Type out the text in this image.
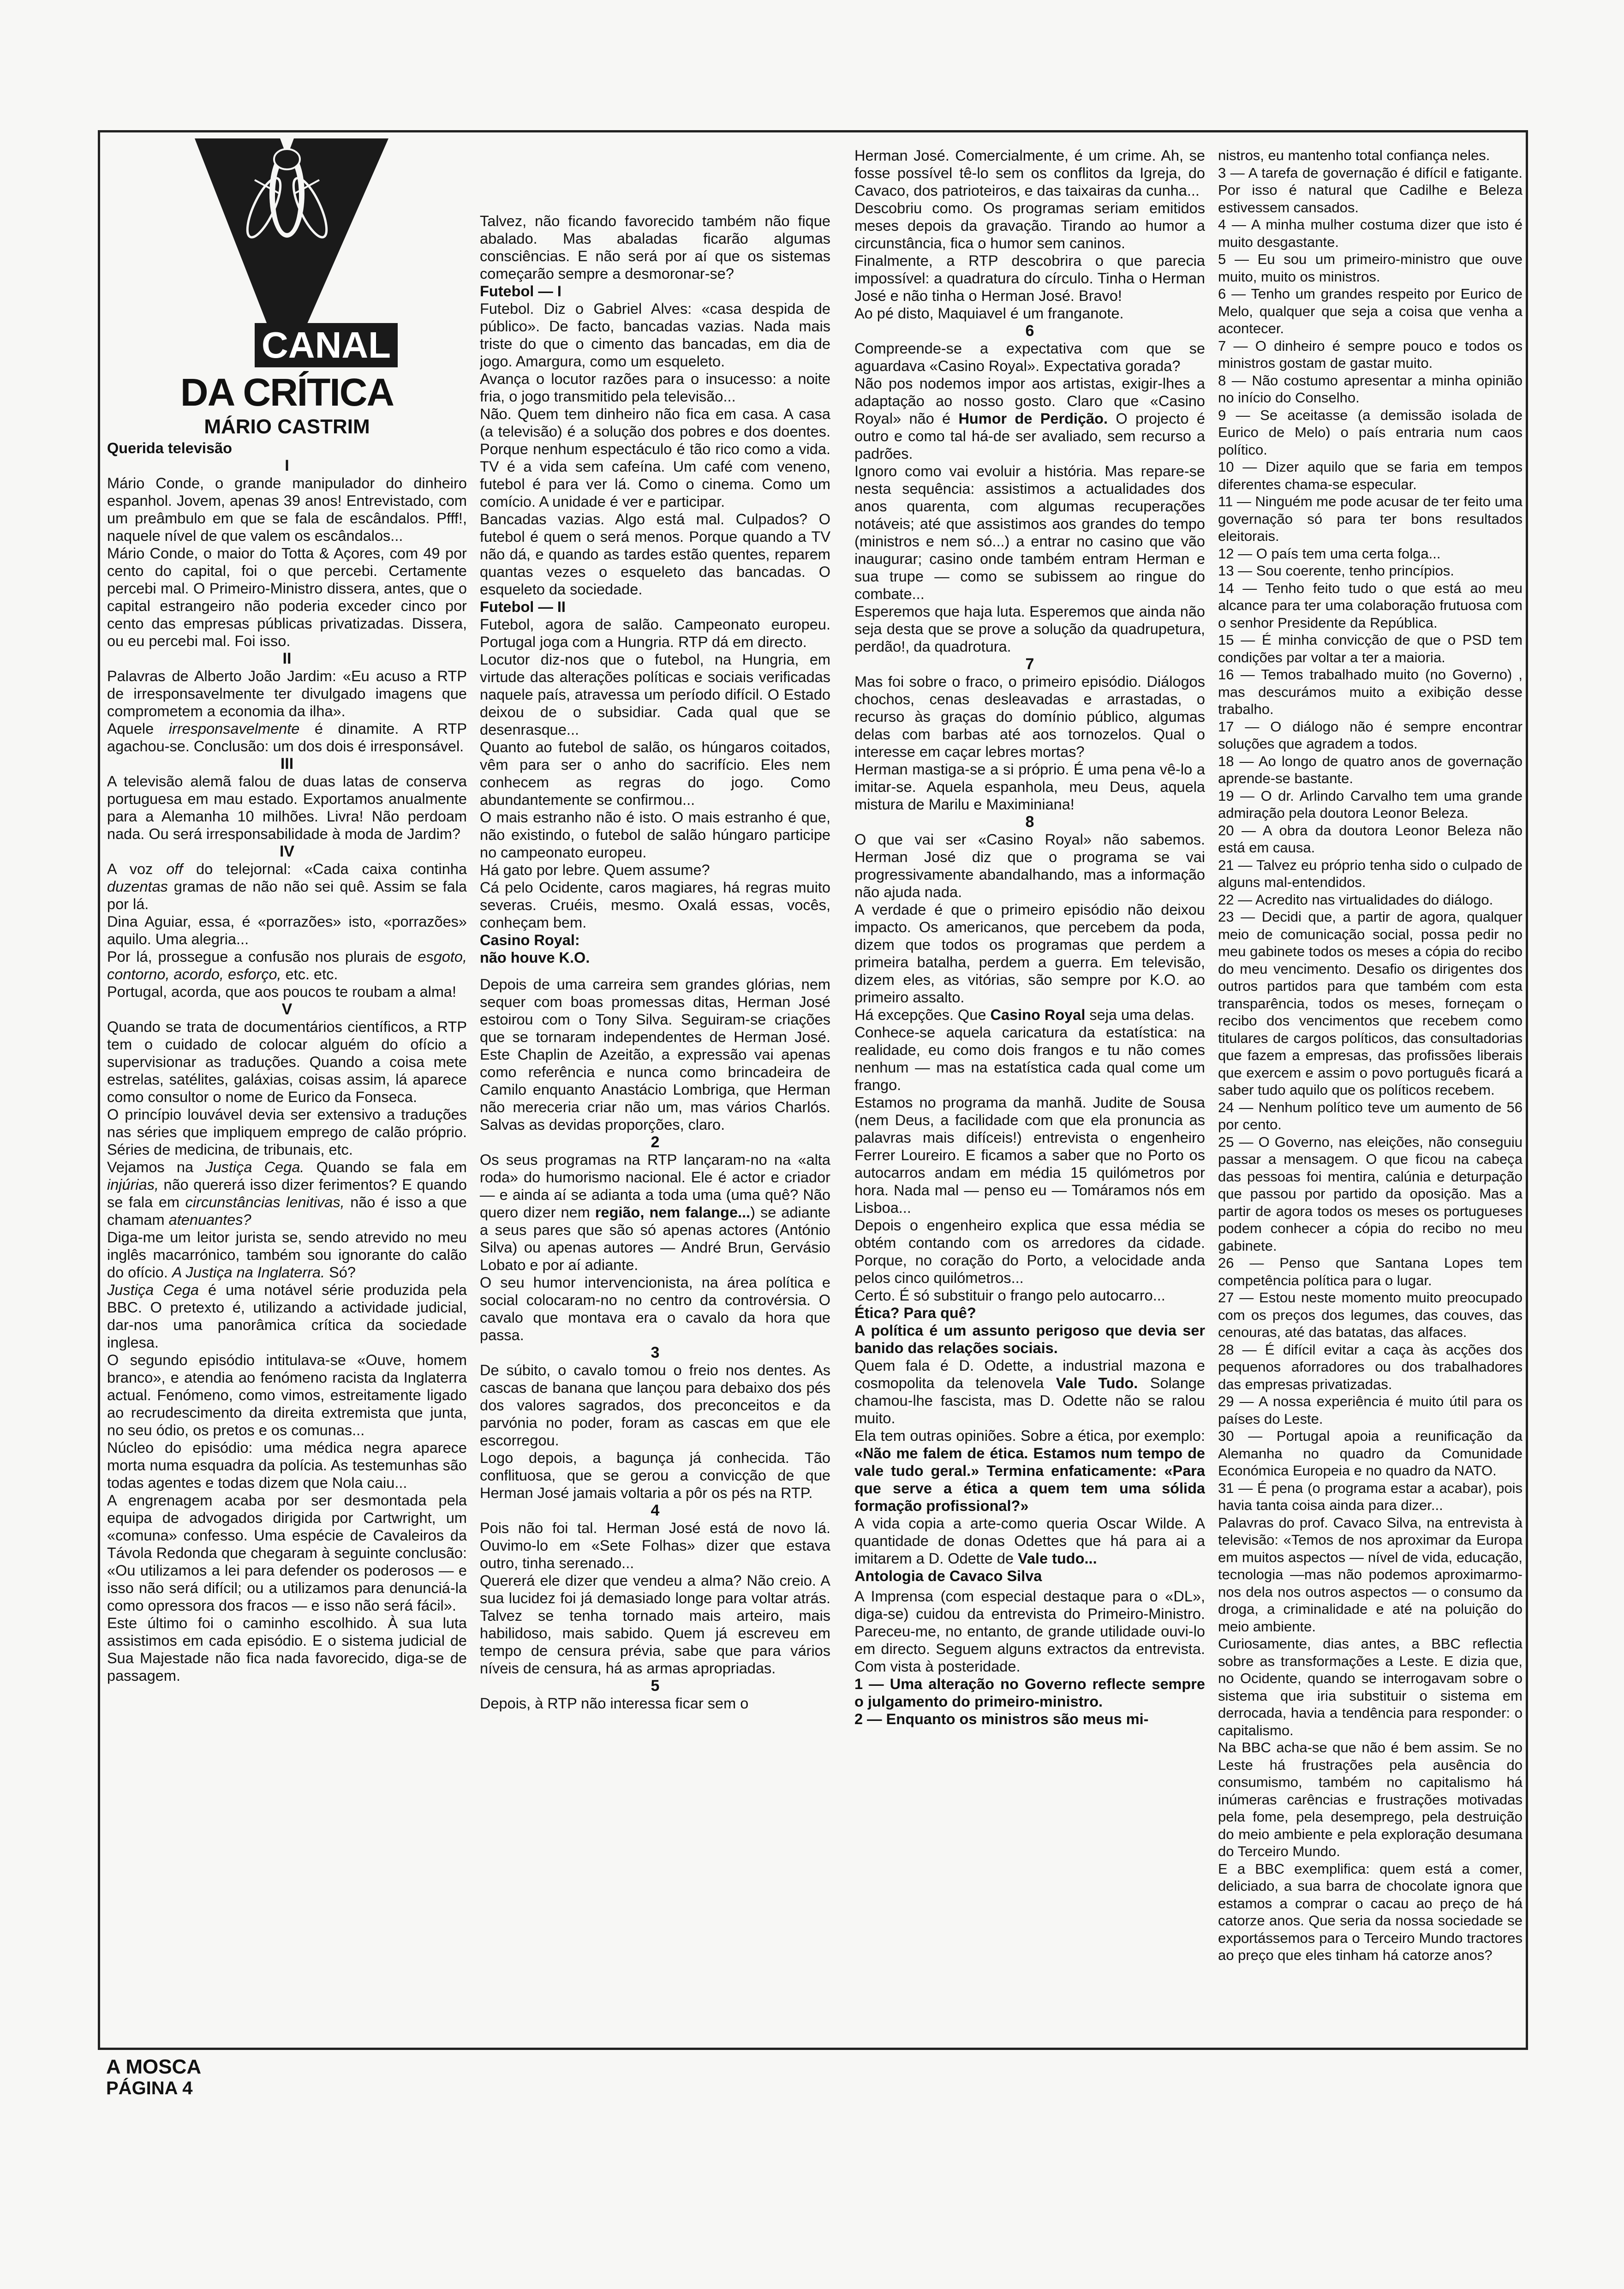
CANAL
DA CRÍTICA
MÁRIO CASTRIM

Querida televisão

I

Mário Conde, o grande manipulador do dinheiro espanhol. Jovem, apenas 39 anos! Entrevistado, com um preâmbulo em que se fala de escândalos. Pfff!, naquele nível de que valem os escândalos...

Mário Conde, o maior do Totta & Açores, com 49 por cento do capital, foi o que percebi. Certamente percebi mal. O Primeiro-Ministro dissera, antes, que o capital estrangeiro não poderia exceder cinco por cento das empresas públicas privatizadas. Dissera, ou eu percebi mal. Foi isso.

II

Palavras de Alberto João Jardim: «Eu acuso a RTP de irresponsavelmente ter divulgado imagens que comprometem a economia da ilha».

Aquele irresponsavelmente é dinamite. A RTP agachou-se. Conclusão: um dos dois é irresponsável.

III

A televisão alemã falou de duas latas de conserva portuguesa em mau estado. Exportamos anualmente para a Alemanha 10 milhões. Livra! Não perdoam nada. Ou será irresponsabilidade à moda de Jardim?

IV

A voz off do telejornal: «Cada caixa continha duzentas gramas de não não sei quê. Assim se fala por lá.

Dina Aguiar, essa, é «porrazões» isto, «porrazões» aquilo. Uma alegria...

Por lá, prossegue a confusão nos plurais de esgoto, contorno, acordo, esforço, etc. etc.

Portugal, acorda, que aos poucos te roubam a alma!

V

Quando se trata de documentários científicos, a RTP tem o cuidado de colocar alguém do ofício a supervisionar as traduções. Quando a coisa mete estrelas, satélites, galáxias, coisas assim, lá aparece como consultor o nome de Eurico da Fonseca.

O princípio louvável devia ser extensivo a traduções nas séries que impliquem emprego de calão próprio. Séries de medicina, de tribunais, etc.

Vejamos na Justiça Cega. Quando se fala em injúrias, não quererá isso dizer ferimentos? E quando se fala em circunstâncias lenitivas, não é isso a que chamam atenuantes?

Diga-me um leitor jurista se, sendo atrevido no meu inglês macarrónico, também sou ignorante do calão do ofício. A Justiça na Inglaterra. Só?

Justiça Cega é uma notável série produzida pela BBC. O pretexto é, utilizando a actividade judicial, dar-nos uma panorâmica crítica da sociedade inglesa.

O segundo episódio intitulava-se «Ouve, homem branco», e atendia ao fenómeno racista da Inglaterra actual. Fenómeno, como vimos, estreitamente ligado ao recrudescimento da direita extremista que junta, no seu ódio, os pretos e os comunas...

Núcleo do episódio: uma médica negra aparece morta numa esquadra da polícia. As testemunhas são todas agentes e todas dizem que Nola caiu...

A engrenagem acaba por ser desmontada pela equipa de advogados dirigida por Cartwright, um «comuna» confesso. Uma espécie de Cavaleiros da Távola Redonda que chegaram à seguinte conclusão: «Ou utilizamos a lei para defender os poderosos — e isso não será difícil; ou a utilizamos para denunciá-la como opressora dos fracos — e isso não será fácil».

Este último foi o caminho escolhido. À sua luta assistimos em cada episódio. E o sistema judicial de Sua Majestade não fica nada favorecido, diga-se de passagem.

Talvez, não ficando favorecido também não fique abalado. Mas abaladas ficarão algumas consciências. E não será por aí que os sistemas começarão sempre a desmoronar-se?

Futebol — I

Futebol. Diz o Gabriel Alves: «casa despida de público». De facto, bancadas vazias. Nada mais triste do que o cimento das bancadas, em dia de jogo. Amargura, como um esqueleto.

Avança o locutor razões para o insucesso: a noite fria, o jogo transmitido pela televisão...

Não. Quem tem dinheiro não fica em casa. A casa (a televisão) é a solução dos pobres e dos doentes. Porque nenhum espectáculo é tão rico como a vida. TV é a vida sem cafeína. Um café com veneno, futebol é para ver lá. Como o cinema. Como um comício. A unidade é ver e participar.

Bancadas vazias. Algo está mal. Culpados? O futebol é quem o será menos. Porque quando a TV não dá, e quando as tardes estão quentes, reparem quantas vezes o esqueleto das bancadas. O esqueleto da sociedade.

Futebol — II

Futebol, agora de salão. Campeonato europeu. Portugal joga com a Hungria. RTP dá em directo.

Locutor diz-nos que o futebol, na Hungria, em virtude das alterações políticas e sociais verificadas naquele país, atravessa um período difícil. O Estado deixou de o subsidiar. Cada qual que se desenrasque...

Quanto ao futebol de salão, os húngaros coitados, vêm para ser o anho do sacrifício. Eles nem conhecem as regras do jogo. Como abundantemente se confirmou...

O mais estranho não é isto. O mais estranho é que, não existindo, o futebol de salão húngaro participe no campeonato europeu.

Há gato por lebre. Quem assume?

Cá pelo Ocidente, caros magiares, há regras muito severas. Cruéis, mesmo. Oxalá essas, vocês, conheçam bem.

Casino Royal:
não houve K.O.

Depois de uma carreira sem grandes glórias, nem sequer com boas promessas ditas, Herman José estoirou com o Tony Silva. Seguiram-se criações que se tornaram independentes de Herman José. Este Chaplin de Azeitão, a expressão vai apenas como referência e nunca como brincadeira de Camilo enquanto Anastácio Lombriga, que Herman não mereceria criar não um, mas vários Charlós. Salvas as devidas proporções, claro.

2

Os seus programas na RTP lançaram-no na «alta roda» do humorismo nacional. Ele é actor e criador — e ainda aí se adianta a toda uma (uma quê? Não quero dizer nem região, nem falange...) se adiante a seus pares que são só apenas actores (António Silva) ou apenas autores — André Brun, Gervásio Lobato e por aí adiante.

O seu humor intervencionista, na área política e social colocaram-no no centro da controvérsia. O cavalo que montava era o cavalo da hora que passa.

3

De súbito, o cavalo tomou o freio nos dentes. As cascas de banana que lançou para debaixo dos pés dos valores sagrados, dos preconceitos e da parvónia no poder, foram as cascas em que ele escorregou.

Logo depois, a bagunça já conhecida. Tão conflituosa, que se gerou a convicção de que Herman José jamais voltaria a pôr os pés na RTP.

4

Pois não foi tal. Herman José está de novo lá. Ouvimo-lo em «Sete Folhas» dizer que estava outro, tinha serenado...

Quererá ele dizer que vendeu a alma? Não creio. A sua lucidez foi já demasiado longe para voltar atrás. Talvez se tenha tornado mais arteiro, mais habilidoso, mais sabido. Quem já escreveu em tempo de censura prévia, sabe que para vários níveis de censura, há as armas apropriadas.

5

Depois, à RTP não interessa ficar sem o

Herman José. Comercialmente, é um crime. Ah, se fosse possível tê-lo sem os conflitos da Igreja, do Cavaco, dos patrioteiros, e das taixairas da cunha...

Descobriu como. Os programas seriam emitidos meses depois da gravação. Tirando ao humor a circunstância, fica o humor sem caninos.

Finalmente, a RTP descobrira o que parecia impossível: a quadratura do círculo. Tinha o Herman José e não tinha o Herman José. Bravo!

Ao pé disto, Maquiavel é um franganote.

6

Compreende-se a expectativa com que se aguardava «Casino Royal». Expectativa gorada?

Não pos nodemos impor aos artistas, exigir-lhes a adaptação ao nosso gosto. Claro que «Casino Royal» não é Humor de Perdição. O projecto é outro e como tal há-de ser avaliado, sem recurso a padrões.

Ignoro como vai evoluir a história. Mas repare-se nesta sequência: assistimos a actualidades dos anos quarenta, com algumas recuperações notáveis; até que assistimos aos grandes do tempo (ministros e nem só...) a entrar no casino que vão inaugurar; casino onde também entram Herman e sua trupe — como se subissem ao ringue do combate...

Esperemos que haja luta. Esperemos que ainda não seja desta que se prove a solução da quadrupetura, perdão!, da quadrotura.

7

Mas foi sobre o fraco, o primeiro episódio. Diálogos chochos, cenas desleavadas e arrastadas, o recurso às graças do domínio público, algumas delas com barbas até aos tornozelos. Qual o interesse em caçar lebres mortas?

Herman mastiga-se a si próprio. É uma pena vê-lo a imitar-se. Aquela espanhola, meu Deus, aquela mistura de Marilu e Maximiniana!

8

O que vai ser «Casino Royal» não sabemos. Herman José diz que o programa se vai progressivamente abandalhando, mas a informação não ajuda nada.

A verdade é que o primeiro episódio não deixou impacto. Os americanos, que percebem da poda, dizem que todos os programas que perdem a primeira batalha, perdem a guerra. Em televisão, dizem eles, as vitórias, são sempre por K.O. ao primeiro assalto.

Há excepções. Que Casino Royal seja uma delas.

Conhece-se aquela caricatura da estatística: na realidade, eu como dois frangos e tu não comes nenhum — mas na estatística cada qual come um frango.

Estamos no programa da manhã. Judite de Sousa (nem Deus, a facilidade com que ela pronuncia as palavras mais difíceis!) entrevista o engenheiro Ferrer Loureiro. E ficamos a saber que no Porto os autocarros andam em média 15 quilómetros por hora. Nada mal — penso eu — Tomáramos nós em Lisboa...

Depois o engenheiro explica que essa média se obtém contando com os arredores da cidade. Porque, no coração do Porto, a velocidade anda pelos cinco quilómetros...

Certo. É só substituir o frango pelo autocarro...

Ética? Para quê?

A política é um assunto perigoso que devia ser banido das relações sociais.

Quem fala é D. Odette, a industrial mazona e cosmopolita da telenovela Vale Tudo. Solange chamou-lhe fascista, mas D. Odette não se ralou muito.

Ela tem outras opiniões. Sobre a ética, por exemplo: «Não me falem de ética. Estamos num tempo de vale tudo geral.» Termina enfaticamente: «Para que serve a ética a quem tem uma sólida formação profissional?»

A vida copia a arte-como queria Oscar Wilde. A quantidade de donas Odettes que há para ai a imitarem a D. Odette de Vale tudo...

Antologia de Cavaco Silva

A Imprensa (com especial destaque para o «DL», diga-se) cuidou da entrevista do Primeiro-Ministro. Pareceu-me, no entanto, de grande utilidade ouvi-lo em directo. Seguem alguns extractos da entrevista. Com vista à posteridade.

1 — Uma alteração no Governo reflecte sempre o julgamento do primeiro-ministro.

2 — Enquanto os ministros são meus mi-

nistros, eu mantenho total confiança neles.

3 — A tarefa de governação é difícil e fatigante. Por isso é natural que Cadilhe e Beleza estivessem cansados.

4 — A minha mulher costuma dizer que isto é muito desgastante.

5 — Eu sou um primeiro-ministro que ouve muito, muito os ministros.

6 — Tenho um grandes respeito por Eurico de Melo, qualquer que seja a coisa que venha a acontecer.

7 — O dinheiro é sempre pouco e todos os ministros gostam de gastar muito.

8 — Não costumo apresentar a minha opinião no início do Conselho.

9 — Se aceitasse (a demissão isolada de Eurico de Melo) o país entraria num caos político.

10 — Dizer aquilo que se faria em tempos diferentes chama-se especular.

11 — Ninguém me pode acusar de ter feito uma governação só para ter bons resultados eleitorais.

12 — O país tem uma certa folga...

13 — Sou coerente, tenho princípios.

14 — Tenho feito tudo o que está ao meu alcance para ter uma colaboração frutuosa com o senhor Presidente da República.

15 — É minha convicção de que o PSD tem condições par voltar a ter a maioria.

16 — Temos trabalhado muito (no Governo) , mas descurámos muito a exibição desse trabalho.

17 — O diálogo não é sempre encontrar soluções que agradem a todos.

18 — Ao longo de quatro anos de governação aprende-se bastante.

19 — O dr. Arlindo Carvalho tem uma grande admiração pela doutora Leonor Beleza.

20 — A obra da doutora Leonor Beleza não está em causa.

21 — Talvez eu próprio tenha sido o culpado de alguns mal-entendidos.

22 — Acredito nas virtualidades do diálogo.

23 — Decidi que, a partir de agora, qualquer meio de comunicação social, possa pedir no meu gabinete todos os meses a cópia do recibo do meu vencimento. Desafio os dirigentes dos outros partidos para que também com esta transparência, todos os meses, forneçam o recibo dos vencimentos que recebem como titulares de cargos políticos, das consultadorias que fazem a empresas, das profissões liberais que exercem e assim o povo português ficará a saber tudo aquilo que os políticos recebem.

24 — Nenhum político teve um aumento de 56 por cento.

25 — O Governo, nas eleições, não conseguiu passar a mensagem. O que ficou na cabeça das pessoas foi mentira, calúnia e deturpação que passou por partido da oposição. Mas a partir de agora todos os meses os portugueses podem conhecer a cópia do recibo no meu gabinete.

26 — Penso que Santana Lopes tem competência política para o lugar.

27 — Estou neste momento muito preocupado com os preços dos legumes, das couves, das cenouras, até das batatas, das alfaces.

28 — É difícil evitar a caça às acções dos pequenos aforradores ou dos trabalhadores das empresas privatizadas.

29 — A nossa experiência é muito útil para os países do Leste.

30 — Portugal apoia a reunificação da Alemanha no quadro da Comunidade Económica Europeia e no quadro da NATO.

31 — É pena (o programa estar a acabar), pois havia tanta coisa ainda para dizer...

Palavras do prof. Cavaco Silva, na entrevista à televisão: «Temos de nos aproximar da Europa em muitos aspectos — nível de vida, educação, tecnologia —mas não podemos aproximarmo-nos dela nos outros aspectos — o consumo da droga, a criminalidade e até na poluição do meio ambiente.

Curiosamente, dias antes, a BBC reflectia sobre as transformações a Leste. E dizia que, no Ocidente, quando se interrogavam sobre o sistema que iria substituir o sistema em derrocada, havia a tendência para responder: o capitalismo.

Na BBC acha-se que não é bem assim. Se no Leste há frustrações pela ausência do consumismo, também no capitalismo há inúmeras carências e frustrações motivadas pela fome, pela desemprego, pela destruição do meio ambiente e pela exploração desumana do Terceiro Mundo.

E a BBC exemplifica: quem está a comer, deliciado, a sua barra de chocolate ignora que estamos a comprar o cacau ao preço de há catorze anos. Que seria da nossa sociedade se exportássemos para o Terceiro Mundo tractores ao preço que eles tinham há catorze anos?

A MOSCA
PÁGINA 4
